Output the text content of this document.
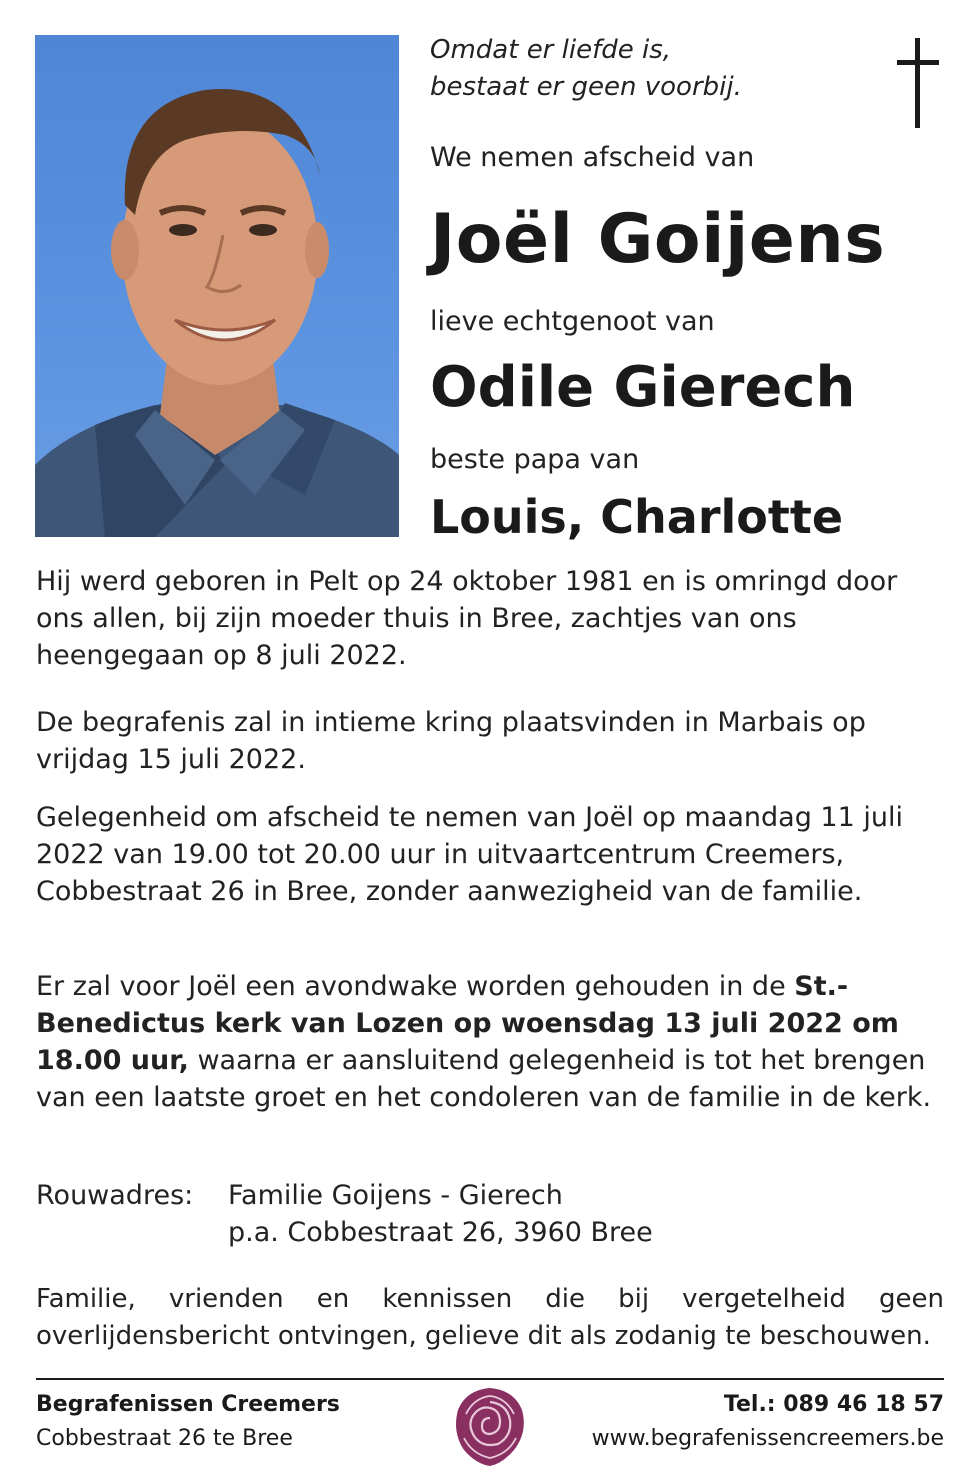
Omdat er liefde is,
bestaat er geen voorbij.
We nemen afscheid van
Joël Goijens
lieve echtgenoot van
Odile Gierech
beste papa van
Louis, Charlotte

Hij werd geboren in Pelt op 24 oktober 1981 en is omringd door ons allen, bij zijn moeder thuis in Bree, zachtjes van ons heengegaan op 8 juli 2022.

De begrafenis zal in intieme kring plaatsvinden in Marbais op vrijdag 15 juli 2022.

Gelegenheid om afscheid te nemen van Joël op maandag 11 juli 2022 van 19.00 tot 20.00 uur in uitvaartcentrum Creemers, Cobbestraat 26 in Bree, zonder aanwezigheid van de familie.

Er zal voor Joël een avondwake worden gehouden in de St.-Benedictus kerk van Lozen op woensdag 13 juli 2022 om 18.00 uur, waarna er aansluitend gelegenheid is tot het brengen van een laatste groet en het condoleren van de familie in de kerk.

Rouwadres: Familie Goijens - Gierech
p.a. Cobbestraat 26, 3960 Bree
Familie, vrienden en kennissen die bij vergetelheid geen overlijdensbericht ontvingen, gelieve dit als zodanig te beschouwen.
Begrafenissen Creemers
Cobbestraat 26 te Bree
Tel.: 089 46 18 57
www.begrafenissencreemers.be
